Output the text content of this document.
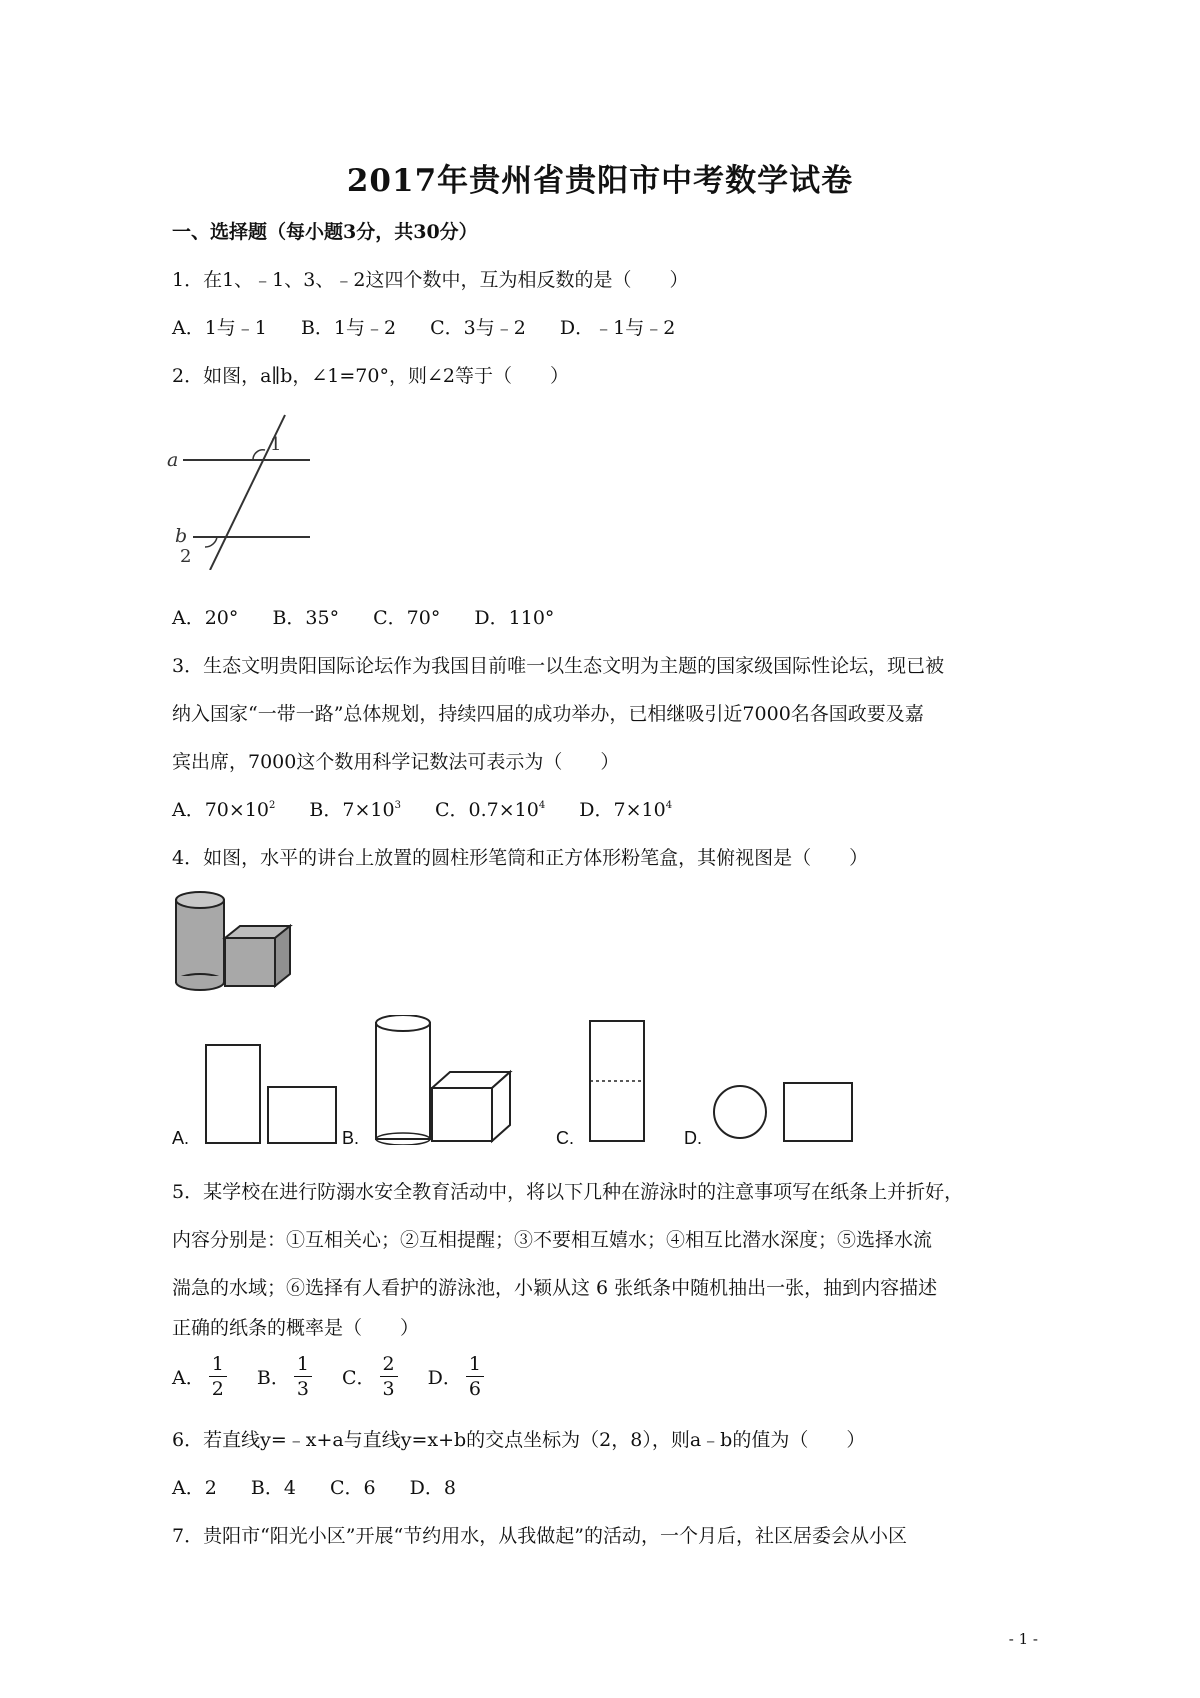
2017年贵州省贵阳市中考数学试卷
一、选择题（每小题3分，共30分）
1．在1、﹣1、3、﹣2这四个数中，互为相反数的是（　　）
A．1与﹣1 B．1与﹣2 C．3与﹣2 D．﹣1与﹣2
2．如图，a∥b，∠1=70°，则∠2等于（　　）
a
1
b
2
A．20° B．35° C．70° D．110°
3．生态文明贵阳国际论坛作为我国目前唯一以生态文明为主题的国家级国际性论坛，现已被
纳入国家“一带一路”总体规划，持续四届的成功举办，已相继吸引近7000名各国政要及嘉
宾出席，7000这个数用科学记数法可表示为（　　）
A．$70\times 10^2$ B．$7\times 10^3$ C．$0.7\times 10^4$ D．$7\times 10^4$
4．如图，水平的讲台上放置的圆柱形笔筒和正方体形粉笔盒，其俯视图是（　　）
A.	B.	C.	D.
5．某学校在进行防溺水安全教育活动中，将以下几种在游泳时的注意事项写在纸条上并折好，
内容分别是：①互相关心；②互相提醒；③不要相互嬉水；④相互比潜水深度；⑤选择水流
湍急的水域；⑥选择有人看护的游泳池，小颖从这 6 张纸条中随机抽出一张，抽到内容描述
正确的纸条的概率是（　　）
A． $\frac{1}{2}$ B． $\frac{1}{3}$ C． $\frac{2}{3}$ D． $\frac{1}{6}$
6．若直线y=﹣x+a与直线y=x+b的交点坐标为（2，8），则a﹣b的值为（　　）
A．2 B．4 C．6 D．8
7．贵阳市“阳光小区”开展“节约用水，从我做起”的活动，一个月后，社区居委会从小区
- 1 -
